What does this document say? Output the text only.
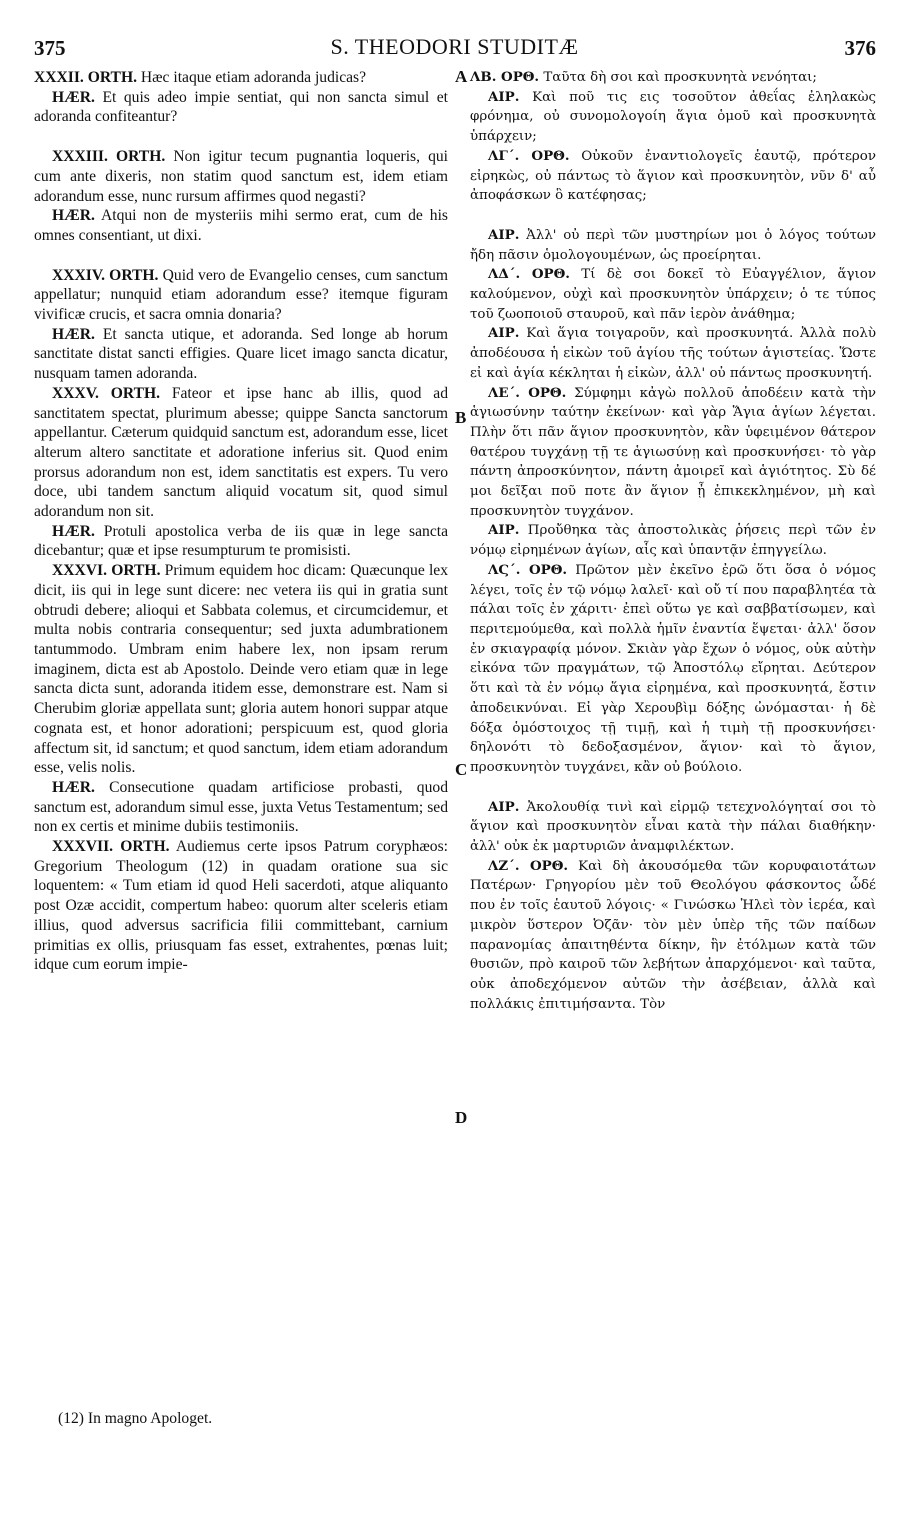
375	S. THEODORI STUDITÆ	376
A
B
C
D

XXXII. ORTH. Hæc itaque etiam adoranda judicas?

HÆR. Et quis adeo impie sentiat, qui non sancta simul et adoranda confiteantur?

XXXIII. ORTH. Non igitur tecum pugnantia loqueris, qui cum ante dixeris, non statim quod sanctum est, idem etiam adorandum esse, nunc rursum affirmes quod negasti?

HÆR. Atqui non de mysteriis mihi sermo erat, cum de his omnes consentiant, ut dixi.

XXXIV. ORTH. Quid vero de Evangelio censes, cum sanctum appellatur; nunquid etiam adorandum esse? itemque figuram vivificæ crucis, et sacra omnia donaria?

HÆR. Et sancta utique, et adoranda. Sed longe ab horum sanctitate distat sancti effigies. Quare licet imago sancta dicatur, nusquam tamen adoranda.

XXXV. ORTH. Fateor et ipse hanc ab illis, quod ad sanctitatem spectat, plurimum abesse; quippe Sancta sanctorum appellantur. Cæterum quidquid sanctum est, adorandum esse, licet alterum altero sanctitate et adoratione inferius sit. Quod enim prorsus adorandum non est, idem sanctitatis est expers. Tu vero doce, ubi tandem sanctum aliquid vocatum sit, quod simul adorandum non sit.

HÆR. Protuli apostolica verba de iis quæ in lege sancta dicebantur; quæ et ipse resumpturum te promisisti.

XXXVI. ORTH. Primum equidem hoc dicam: Quæcunque lex dicit, iis qui in lege sunt dicere: nec vetera iis qui in gratia sunt obtrudi debere; alioqui et Sabbata colemus, et circumcidemur, et multa nobis contraria consequentur; sed juxta adumbrationem tantummodo. Umbram enim habere lex, non ipsam rerum imaginem, dicta est ab Apostolo. Deinde vero etiam quæ in lege sancta dicta sunt, adoranda itidem esse, demonstrare est. Nam si Cherubim gloriæ appellata sunt; gloria autem honori suppar atque cognata est, et honor adorationi; perspicuum est, quod gloria affectum sit, id sanctum; et quod sanctum, idem etiam adorandum esse, velis nolis.

HÆR. Consecutione quadam artificiose probasti, quod sanctum est, adorandum simul esse, juxta Vetus Testamentum; sed non ex certis et minime dubiis testimoniis.

XXXVII. ORTH. Audiemus certe ipsos Patrum coryphæos: Gregorium Theologum (12) in quadam oratione sua sic loquentem: « Tum etiam id quod Heli sacerdoti, atque aliquanto post Ozæ accidit, compertum habeo: quorum alter sceleris etiam illius, quod adversus sacrificia filii committebant, carnium primitias ex ollis, priusquam fas esset, extrahentes, pœnas luit; idque cum eorum impie-

ΛΒ. ΟΡΘ. Ταῦτα δὴ σοι καὶ προσκυνητὰ νενόηται;

ΑΙΡ. Καὶ ποῦ τις εις τοσοῦτον ἀθεΐας ἐληλακὼς φρόνημα, οὐ συνομολογοίη ἅγια ὁμοῦ καὶ προσκυνητὰ ὑπάρχειν;

ΛΓ΄. ΟΡΘ. Οὐκοῦν ἐναντιολογεῖς ἑαυτῷ, πρότερον εἰρηκὼς, οὐ πάντως τὸ ἅγιον καὶ προσκυνητὸν, νῦν δ' αὖ ἀποφάσκων ὃ κατέφησας;

ΑΙΡ. Ἀλλ' οὐ περὶ τῶν μυστηρίων μοι ὁ λόγος τούτων ἤδη πᾶσιν ὁμολογουμένων, ὡς προείρηται.

ΛΔ΄. ΟΡΘ. Τί δὲ σοι δοκεῖ τὸ Εὐαγγέλιον, ἅγιον καλούμενον, οὐχὶ καὶ προσκυνητὸν ὑπάρχειν; ὁ τε τύπος τοῦ ζωοποιοῦ σταυροῦ, καὶ πᾶν ἱερὸν ἀνάθημα;

ΑΙΡ. Καὶ ἅγια τοιγαροῦν, καὶ προσκυνητά. Ἀλλὰ πολὺ ἀποδέουσα ἡ εἰκὼν τοῦ ἁγίου τῆς τούτων ἁγιστείας. Ὥστε εἰ καὶ ἁγία κέκληται ἡ εἰκὼν, ἀλλ' οὐ πάντως προσκυνητή.

ΛΕ΄. ΟΡΘ. Σύμφημι κἀγὼ πολλοῦ ἀποδέειν κατὰ τὴν ἁγιωσύνην ταύτην ἐκείνων· καὶ γὰρ Ἅγια ἁγίων λέγεται. Πλὴν ὅτι πᾶν ἅγιον προσκυνητὸν, κἂν ὑφειμένον θάτερον θατέρου τυγχάνῃ τῇ τε ἁγιωσύνῃ καὶ προσκυνήσει· τὸ γὰρ πάντη ἀπροσκύνητον, πάντη ἀμοιρεῖ καὶ ἁγιότητος. Σὺ δέ μοι δεῖξαι ποῦ ποτε ἂν ἅγιον ᾖ ἐπικεκλημένον, μὴ καὶ προσκυνητὸν τυγχάνον.

ΑΙΡ. Προὔθηκα τὰς ἀποστολικὰς ῥήσεις περὶ τῶν ἐν νόμῳ εἰρημένων ἁγίων, αἷς καὶ ὑπαντᾷν ἐπηγγείλω.

ΛϚ΄. ΟΡΘ. Πρῶτον μὲν ἐκεῖνο ἐρῶ ὅτι ὅσα ὁ νόμος λέγει, τοῖς ἐν τῷ νόμῳ λαλεῖ· καὶ οὔ τί που παραβλητέα τὰ πάλαι τοῖς ἐν χάριτι· ἐπεὶ οὕτω γε καὶ σαββατίσωμεν, καὶ περιτεμούμεθα, καὶ πολλὰ ἡμῖν ἐναντία ἕψεται· ἀλλ' ὅσον ἐν σκιαγραφίᾳ μόνον. Σκιὰν γὰρ ἔχων ὁ νόμος, οὐκ αὐτὴν εἰκόνα τῶν πραγμάτων, τῷ Ἀποστόλῳ εἴρηται. Δεύτερον ὅτι καὶ τὰ ἐν νόμῳ ἅγια εἰρημένα, καὶ προσκυνητά, ἔστιν ἀποδεικνύναι. Εἰ γὰρ Χερουβὶμ δόξης ὠνόμασται· ἡ δὲ δόξα ὁμόστοιχος τῇ τιμῇ, καὶ ἡ τιμὴ τῇ προσκυνήσει· δηλονότι τὸ δεδοξασμένον, ἅγιον· καὶ τὸ ἅγιον, προσκυνητὸν τυγχάνει, κἂν οὐ βούλοιο.

ΑΙΡ. Ἀκολουθίᾳ τινὶ καὶ εἰρμῷ τετεχνολόγηταί σοι τὸ ἅγιον καὶ προσκυνητὸν εἶναι κατὰ τὴν πάλαι διαθήκην· ἀλλ' οὐκ ἐκ μαρτυριῶν ἀναμφιλέκτων.

ΛΖ΄. ΟΡΘ. Καὶ δὴ ἀκουσόμεθα τῶν κορυφαιοτάτων Πατέρων· Γρηγορίου μὲν τοῦ Θεολόγου φάσκοντος ὧδέ που ἐν τοῖς ἑαυτοῦ λόγοις· « Γινώσκω Ἠλεὶ τὸν ἱερέα, καὶ μικρὸν ὕστερον Ὀζᾶν· τὸν μὲν ὑπὲρ τῆς τῶν παίδων παρανομίας ἀπαιτηθέντα δίκην, ἣν ἐτόλμων κατὰ τῶν θυσιῶν, πρὸ καιροῦ τῶν λεβήτων ἀπαρχόμενοι· καὶ ταῦτα, οὐκ ἀποδεχόμενον αὐτῶν τὴν ἀσέβειαν, ἀλλὰ καὶ πολλάκις ἐπιτιμήσαντα. Τὸν

(12) In magno Apologet.
